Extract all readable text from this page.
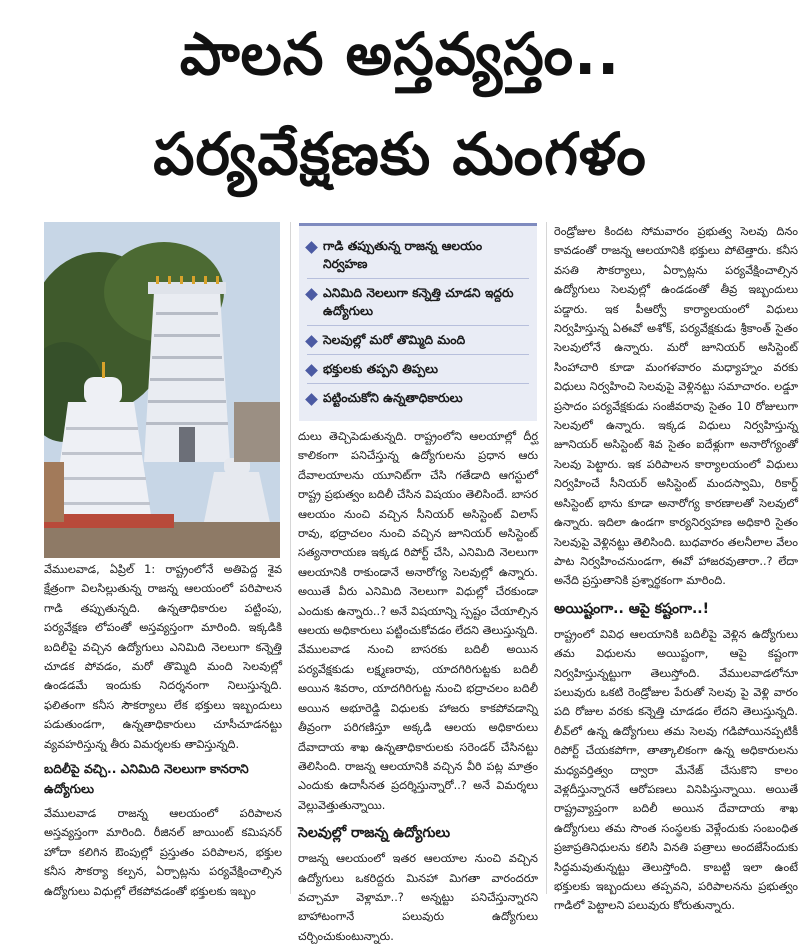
పాలన అస్తవ్యస్తం..
పర్యవేక్షణకు మంగళం

వేములవాడ, ఏప్రిల్‌ 1: రాష్ట్రంలోనే అతిపెద్ద శైవ క్షేత్రంగా విలసిల్లుతున్న రాజన్న ఆలయంలో పరిపాలన గాడి తప్పుతున్నది. ఉన్నతాధికారుల పట్టింపు, పర్యవేక్షణ లోపంతో అస్తవ్యస్తంగా మారింది. ఇక్కడికి బదిలీపై వచ్చిన ఉద్యోగులు ఎనిమిది నెలలుగా కన్నెత్తి చూడక పోవడం, మరో తొమ్మిది మంది సెలవుల్లో ఉండడమే ఇందుకు నిదర్శనంగా నిలుస్తున్నది. ఫలితంగా కనీస సౌకర్యాలు లేక భక్తులు ఇబ్బందులు పడుతుండగా, ఉన్నతాధికారులు చూసీచూడనట్టు వ్యవహరిస్తున్న తీరు విమర్శలకు తావిస్తున్నది.

బదిలీపై వచ్చి.. ఎనిమిది నెలలుగా కానరాని ఉద్యోగులు

వేములవాడ రాజన్న ఆలయంలో పరిపాలన అస్తవ్యస్తంగా మారింది. రీజినల్‌ జాయింట్‌ కమిషనర్‌ హోదా కలిగిన ఔంపుల్లో ప్రస్తుతం పరిపాలన, భక్తుల కనీస సౌకర్యా కల్పన, ఏర్పాట్లను పర్యవేక్షించాల్సిన ఉద్యోగులు విధుల్లో లేకపోవడంతో భక్తులకు ఇబ్బం

గాడి తప్పుతున్న రాజన్న ఆలయం నిర్వహణ
ఎనిమిది నెలలుగా కన్నెత్తి చూడని ఇద్దరు ఉద్యోగులు
సెలవుల్లో మరో తొమ్మిది మంది
భక్తులకు తప్పని తిప్పలు
పట్టించుకోని ఉన్నతాధికారులు

దులు తెచ్చిపెడుతున్నది. రాష్ట్రంలోని ఆలయాల్లో దీర్ఘ కాలికంగా పనిచేస్తున్న ఉద్యోగులను ప్రధాన ఆరు దేవాలయాలను యూనిట్‌గా చేసి గతేడాది ఆగస్టులో రాష్ట్ర ప్రభుత్వం బదిలీ చేసిన విషయం తెలిసిందే. బాసర ఆలయం నుంచి వచ్చిన సీనియర్‌ అసిస్టెంట్‌ విలాస్‌ రావు, భద్రాచలం నుంచి వచ్చిన జూనియర్‌ అసిస్టెంట్‌ సత్యనారాయణ ఇక్కడ రిపోర్ట్‌ చేసి, ఎనిమిది నెలలుగా ఆలయానికి రాకుండానే అనారోగ్య సెలవుల్లో ఉన్నారు. అయితే వీరు ఎనిమిది నెలలుగా విధుల్లో చేరకుండా ఎందుకు ఉన్నారు..? అనే విషయాన్ని స్పష్టం చేయాల్సిన ఆలయ అధికారులు పట్టించుకోవడం లేదని తెలుస్తున్నది. వేములవాడ నుంచి బాసరకు బదిలీ అయిన పర్యవేక్షకుడు లక్ష్మణరావు, యాదగిరిగుట్టకు బదిలీ అయిన శివరాం, యాదగిరిగుట్ట నుంచి భద్రాచలం బదిలీ అయిన అభూరెడ్డి విధులకు హాజరు కాకపోవడాన్ని తీవ్రంగా పరిగణిస్తూ అక్కడి ఆలయ అధికారులు దేవాదాయ శాఖ ఉన్నతాధికారులకు సరెండర్‌ చేసినట్టు తెలిసింది. రాజన్న ఆలయానికి వచ్చిన వీరి పట్ల మాత్రం ఎందుకు ఉదాసీనత ప్రదర్శిస్తున్నారో..? అనే విమర్శలు వెల్లువెత్తుతున్నాయి.

సెలవుల్లో రాజన్న ఉద్యోగులు

రాజన్న ఆలయంలో ఇతర ఆలయాల నుంచి వచ్చిన ఉద్యోగులు ఒకరిద్దరు మినహా మిగతా వారందరూ వచ్చామా వెళ్లామా..? అన్నట్టు పనిచేస్తున్నారని బాహాటంగానే పలువురు ఉద్యోగులు చర్చించుకుంటున్నారు.

రెండ్రోజుల కిందట సోమవారం ప్రభుత్వ సెలవు దినం కావడంతో రాజన్న ఆలయానికి భక్తులు పోటెత్తారు. కనీస వసతి సౌకర్యాలు, ఏర్పాట్లను పర్యవేక్షించాల్సిన ఉద్యోగులు సెలవుల్లో ఉండడంతో తీవ్ర ఇబ్బందులు పడ్డారు. ఇక పీఆర్వో కార్యాలయంలో విధులు నిర్వహిస్తున్న ఏఈవో అశోక్‌, పర్యవేక్షకుడు శ్రీకాంత్‌ సైతం సెలవులోనే ఉన్నారు. మరో జూనియర్‌ అసిస్టెంట్‌ సింహాచారి కూడా మంగళవారం మధ్యాహ్నం వరకు విధులు నిర్వహించి సెలవుపై వెళ్లినట్టు సమాచారం. లడ్డూ ప్రసాదం పర్యవేక్షకుడు సంజీవరావు సైతం 10 రోజులుగా సెలవులో ఉన్నారు. ఇక్కడ విధులు నిర్వహిస్తున్న జూనియర్‌ అసిస్టెంట్‌ శివ సైతం ఐదేళ్లుగా అనారోగ్యంతో సెలవు పెట్టారు. ఇక పరిపాలన కార్యాలయంలో విధులు నిర్వహించే సీనియర్‌ అసిస్టెంట్‌ మందస్వామి, రికార్డ్‌ అసిస్టెంట్‌ భాను కూడా అనారోగ్య కారణాలతో సెలవులో ఉన్నారు. ఇదిలా ఉండగా కార్యనిర్వహణ అధికారి సైతం సెలవుపై వెళ్లినట్టు తెలిసింది. బుధవారం తలనీలాల వేలం పాట నిర్వహించనుండగా, ఈవో హాజరవుతారా..? లేదా అనేది ప్రస్తుతానికి ప్రశ్నార్థకంగా మారింది.

అయిష్టంగా.. ఆపై కష్టంగా..!

రాష్ట్రంలో వివిధ ఆలయానికి బదిలీపై వెళ్లిన ఉద్యోగులు తమ విధులను అయిష్టంగా, ఆపై కష్టంగా నిర్వహిస్తున్నట్టుగా తెలుస్తోంది. వేములవాడలోనూ పలువురు ఒకటి రెండ్రోజుల పేరుతో సెలవు పై వెళ్లి వారం పది రోజుల వరకు కన్నెత్తి చూడడం లేదని తెలుస్తున్నది. లీవ్‌లో ఉన్న ఉద్యోగులు తమ సెలవు గడిపోయినప్పటికీ రిపోర్ట్‌ చేయకపోగా, తాత్కాలికంగా ఉన్న అధికారులను మధ్యవర్తిత్వం ద్వారా మేనేజ్‌ చేసుకొని కాలం వెళ్లదీస్తున్నారనే ఆరోపణలు వినిపిస్తున్నాయి. అయితే రాష్ట్రవ్యాప్తంగా బదిలీ అయిన దేవాదాయ శాఖ ఉద్యోగులు తమ సొంత సంస్థలకు వెళ్లేందుకు సంబంధిత ప్రజాప్రతినిధులను కలిసి వినతి పత్రాలు అందజేసేందుకు సిద్ధమవుతున్నట్టు తెలుస్తోంది. కాబట్టి ఇలా ఉంటే భక్తులకు ఇబ్బందులు తప్పవని, పరిపాలనను ప్రభుత్వం గాడిలో పెట్టాలని పలువురు కోరుతున్నారు.
